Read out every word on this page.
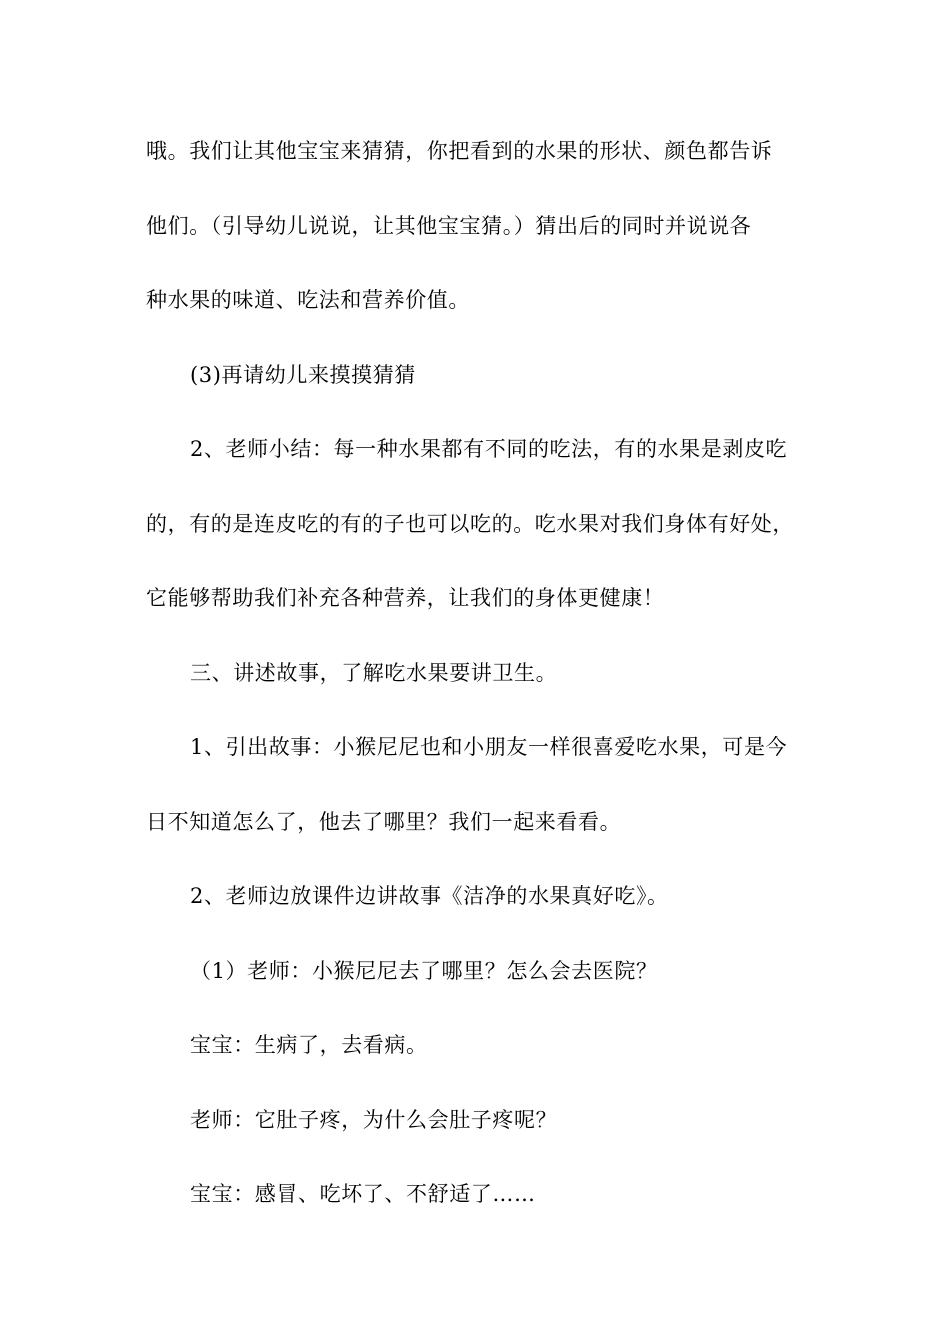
哦。我们让其他宝宝来猜猜，你把看到的水果的形状、颜色都告诉
他们。（引导幼儿说说，让其他宝宝猜。）猜出后的同时并说说各
种水果的味道、吃法和营养价值。
(3)再请幼儿来摸摸猜猜
2、老师小结：每一种水果都有不同的吃法，有的水果是剥皮吃
的，有的是连皮吃的有的子也可以吃的。吃水果对我们身体有好处，
它能够帮助我们补充各种营养，让我们的身体更健康！
三、讲述故事，了解吃水果要讲卫生。
1、引出故事：小猴尼尼也和小朋友一样很喜爱吃水果，可是今
日不知道怎么了，他去了哪里？我们一起来看看。
2、老师边放课件边讲故事《洁净的水果真好吃》。
（1）老师：小猴尼尼去了哪里？怎么会去医院？
宝宝：生病了，去看病。
老师：它肚子疼，为什么会肚子疼呢？
宝宝：感冒、吃坏了、不舒适了……
